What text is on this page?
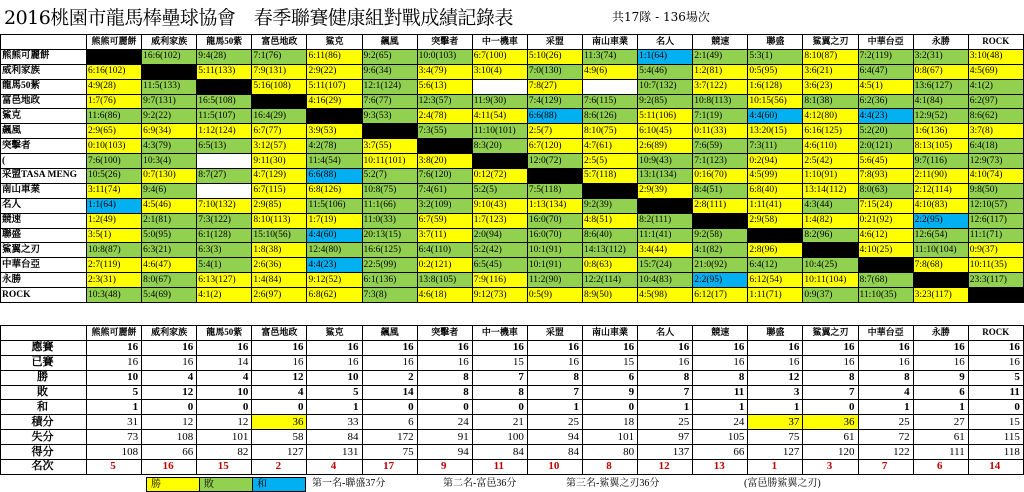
2016桃園市龍馬棒壘球協會　春季聯賽健康組對戰成績記錄表	共17隊 - 136場次
	熊熊可麗餅	威利家族	龍馬50紫	富邑地政	鯊克	飆風	突擊者	中一機車	采盟	南山車業	名人	競速	聯盛	鯊翼之刃	中華台亞	永勝	ROCK
熊熊可麗餅		16:6(102)	9:4(28)	7:1(76)	6:11(86)	9:2(65)	10:0(103)	6:7(100)	5:10(26)	11:3(74)	1:1(64)	2:1(49)	5:3(1)	8:10(87)	7:2(119)	3:2(31)	3:10(48)
威利家族	6:16(102)		5:11(133)	7:9(131)	2:9(22)	9:6(34)	3:4(79)	3:10(4)	7:0(130)	4:9(6)	5:4(46)	1:2(81)	0:5(95)	3:6(21)	6:4(47)	0:8(67)	4:5(69)
龍馬50紫	4:9(28)	11:5(133)		5:16(108)	5:11(107)	12:1(124)	5:6(13)		7:8(27)		10:7(132)	3:7(122)	1:6(128)	3:6(23)	4:5(1)	13:6(127)	4:1(2)
富邑地政	1:7(76)	9:7(131)	16:5(108)		4:16(29)	7:6(77)	12:3(57)	11:9(30)	7:4(129)	7:6(115)	9:2(85)	10:8(113)	10:15(56)	8:1(38)	6:2(36)	4:1(84)	6:2(97)
鯊克	11:6(86)	9:2(22)	11:5(107)	16:4(29)		9:3(53)	2:4(78)	4:11(54)	6:6(88)	8:6(126)	5:11(106)	7:1(19)	4:4(60)	4:12(80)	4:4(23)	12:9(52)	8:6(62)
飆風	2:9(65)	6:9(34)	1:12(124)	6:7(77)	3:9(53)		7:3(55)	11:10(101)	2:5(7)	8:10(75)	6:10(45)	0:11(33)	13:20(15)	6:16(125)	5:2(20)	1:6(136)	3:7(8)
突擊者	0:10(103)	4:3(79)	6:5(13)	3:12(57)	4:2(78)	3:7(55)		8:3(20)	6:7(120)	4:7(61)	2:6(89)	7:6(59)	7:3(11)	4:6(110)	2:0(121)	8:13(105)	6:4(18)
(	7:6(100)	10:3(4)		9:11(30)	11:4(54)	10:11(101)	3:8(20)		12:0(72)	2:5(5)	10:9(43)	7:1(123)	0:2(94)	2:5(42)	5:6(45)	9:7(116)	12:9(73)
采盟TASA MENG	10:5(26)	0:7(130)	8:7(27)	4:7(129)	6:6(88)	5:2(7)	7:6(120)	0:12(72)		5:7(118)	13:1(134)	0:16(70)	4:5(99)	1:10(91)	7:8(93)	2:11(90)	4:10(74)
南山車業	3:11(74)	9:4(6)		6:7(115)	6:8(126)	10:8(75)	7:4(61)	5:2(5)	7:5(118)		2:9(39)	8:4(51)	6:8(40)	13:14(112)	8:0(63)	2:12(114)	9:8(50)
名人	1:1(64)	4:5(46)	7:10(132)	2:9(85)	11:5(106)	11:1(66)	3:2(109)	9:10(43)	1:13(134)	9:2(39)		2:8(111)	1:11(41)	4:3(44)	7:15(24)	4:10(83)	12:10(57)
競速	1:2(49)	2:1(81)	7:3(122)	8:10(113)	1:7(19)	11:0(33)	6:7(59)	1:7(123)	16:0(70)	4:8(51)	8:2(111)		2:9(58)	1:4(82)	0:21(92)	2:2(95)	12:6(117)
聯盛	3:5(1)	5:0(95)	6:1(128)	15:10(56)	4:4(60)	20:13(15)	3:7(11)	2:0(94)	16:0(70)	8:6(40)	11:1(41)	9:2(58)		8:2(96)	4:6(12)	12:6(54)	11:1(71)
鯊翼之刃	10:8(87)	6:3(21)	6:3(3)	1:8(38)	12:4(80)	16:6(125)	6:4(110)	5:2(42)	10:1(91)	14:13(112)	3:4(44)	4:1(82)	2:8(96)		4:10(25)	11:10(104)	0:9(37)
中華台亞	2:7(119)	4:6(47)	5:4(1)	2:6(36)	4:4(23)	22:5(99)	0:2(121)	6:5(45)	10:1(91)	0:8(63)	15:7(24)	21:0(92)	6:4(12)	10:4(25)		7:8(68)	10:11(35)
永勝	2:3(31)	8:0(67)	6:13(127)	1:4(84)	9:12(52)	6:1(136)	13:8(105)	7:9(116)	11:2(90)	12:2(114)	10:4(83)	2:2(95)	6:12(54)	10:11(104)	8:7(68)		23:3(117)
ROCK	10:3(48)	5:4(69)	4:1(2)	2:6(97)	6:8(62)	7:3(8)	4:6(18)	9:12(73)	0:5(9)	8:9(50)	4:5(98)	6:12(17)	1:11(71)	0:9(37)	11:10(35)	3:23(117)	
	熊熊可麗餅	威利家族	龍馬50紫	富邑地政	鯊克	飆風	突擊者	中一機車	采盟	南山車業	名人	競速	聯盛	鯊翼之刃	中華台亞	永勝	ROCK
應賽	16	16	16	16	16	16	16	16	16	16	16	16	16	16	16	16	16
已賽	16	16	14	16	16	16	16	15	16	15	16	16	16	16	16	16	16
勝	10	4	4	12	10	2	8	7	8	6	8	8	12	8	8	9	5
敗	5	12	10	4	5	14	8	8	7	9	7	11	3	7	4	6	11
和	1	0	0	0	1	0	0	0	1	0	1	1	1	0	1	1	0
積分	31	12	12	36	33	6	24	21	25	18	25	24	37	36	25	27	15
失分	73	108	101	58	84	172	91	100	94	101	97	105	75	61	72	61	115
得分	108	66	82	127	131	75	94	84	84	80	137	66	127	120	122	111	118
名次	5	16	15	2	4	17	9	11	10	8	12	13	1	3	7	6	14
勝	敗	和	第一名-聯盛37分	第二名-富邑36分	第三名-鯊翼之刃36分	(富邑勝鯊翼之刃)
